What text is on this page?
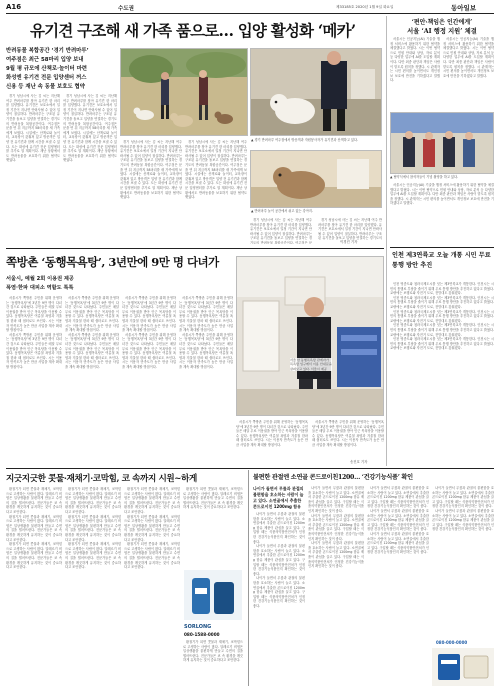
A16	수도권	제33185호 2020년 1월 9일 화요일	동아일보
유기견 구조해 새 가족 품으로… 입양 활성화 ‘메카’
반려동물 복합공간 ‘경기 반려마루’
여주점은 최근 58마리 입양 보내
9월 평 규모에 산책로·놀이터 마련
화성엔 유기견 전문 입양센터 꺼스
신용 등 재난 속 동물 보호도 협약
▲ 경기 반려마루 여주점에서 방문객과 자원봉사자가 유기견과 산책하고 있다.
▲ 반려마루 놀이 공간에서 쉬고 있는 강아지.

경기 성남시에 사는 김 씨는 지난해 여주 반려마루를 찾아 유기견 한 마리를 입양했다. 유기견은 보호소에서 일정 기간이 지나면 안락사될 수 있어 입양이 절실하다. 반려마루는 구조된 유기견을 돌보고 입양을 연결하는 경기도의 반려동물 복합공간이다. 여주점은 문을 연 뒤 지금까지 58마리를 새 가족에게 보냈다. 시설에는 산책로와 놀이터, 교육장이 갖춰져 있고 방문객은 입양 전 유기견과 함께 시간을 보낼 수 있다. 도는 화성에 유기견 전문 입양센터를 추가로 열 계획이다. 재난 상황에서도 반려동물을 보호하기 위한 협약도 맺었다.

경기 성남시에 사는 김 씨는 지난해 여주 반려마루를 찾아 유기견 한 마리를 입양했다. 유기견은 보호소에서 일정 기간이 지나면 안락사될 수 있어 입양이 절실하다. 반려마루는 구조된 유기견을 돌보고 입양을 연결하는 경기도의 반려동물 복합공간이다. 여주점은 문을 연 뒤 지금까지 58마리를 새 가족에게 보냈다. 시설에는 산책로와 놀이터, 교육장이 갖춰져 있고 방문객은 입양 전 유기견과 함께 시간을 보낼 수 있다. 도는 화성에 유기견 전문 입양센터를 추가로 열 계획이다. 재난 상황에서도 반려동물을 보호하기 위한 협약도 맺었다.

경기 성남시에 사는 김 씨는 지난해 여주 반려마루를 찾아 유기견 한 마리를 입양했다. 유기견은 보호소에서 일정 기간이 지나면 안락사될 수 있어 입양이 절실하다. 반려마루는 구조된 유기견을 돌보고 입양을 연결하는 경기도의 반려동물 복합공간이다. 여주점은 문을 연 뒤 지금까지 58마리를 새 가족에게 보냈다. 시설에는 산책로와 놀이터, 교육장이 갖춰져 있고 방문객은 입양 전 유기견과 함께 시간을 보낼 수 있다. 도는 화성에 유기견 전문 입양센터를 추가로 열 계획이다. 재난 상황에서도 반려동물을 보호하기 위한 협약도 맺었다.

경기 성남시에 사는 김 씨는 지난해 여주 반려마루를 찾아 유기견 한 마리를 입양했다. 유기견은 보호소에서 일정 기간이 지나면 안락사될 수 있어 입양이 절실하다. 반려마루는 구조된 유기견을 돌보고 입양을 연결하는 경기도의 반려동물 복합공간이다. 여주점은 문을 연 뒤 지금까지 58마리를 새 가족에게 보냈다. 시설에는 산책로와 놀이터, 교육장이 갖춰져 있고 방문객은 입양 전 유기견과 함께 시간을 보낼 수 있다. 도는 화성에 유기견 전문 입양센터를 추가로 열 계획이다. 재난 상황에서도 반려동물을 보호하기 위한 협약도 맺었다.

경기 성남시에 사는 김 씨는 지난해 여주 반려마루를 찾아 유기견 한 마리를 입양했다. 유기견은 보호소에서 일정 기간이 지나면 안락사될 수 있어 입양이 절실하다. 반려마루는 구조된 유기견을 돌보고 입양을 연결하는 경기도의 반려동물 복합공간이다. 여주점은 문

경기 성남시에 사는 김 씨는 지난해 여주 반려마루를 찾아 유기견 한 마리를 입양했다. 유기견은 보호소에서 일정 기간이 지나면 안락사될 수 있어 입양이 절실하다. 반려마루는 구조된 유기견을 돌보고 입양을 연결하는 경기도의

이경진 기자
‘편안·책임은 인간에게’
서울 ‘AI 행정 지원’ 체결

서울시는 인공지능(AI) 기술을 행정 서비스에 활용하기 위한 협약을 체결했다고 밝혔다. 시는 이번 협약으로 민원 안내와 상담, 자료 분석 등 다양한 업무에 AI를 도입할 계획이다. 다만 최종 판단과 책임은 사람이 맡도록 원칙을 정했다. 시 관계자는 시민 편의를 높이면서도 개인정보 보호에 만전을 기하겠다고 말했다.

서울시는 인공지능(AI) 기술을 행정 서비스에 활용하기 위한 협약을 체결했다고 밝혔다. 시는 이번 협약으로 민원 안내와 상담, 자료 분석 등 다양한 업무에 AI를 도입할 계획이다. 다만 최종 판단과 책임은 사람이 맡도록 원칙을 정했다. 시 관계자는 시민 편의를 높이면서도 개인정보 보호에 만전을 기하겠다고 말했다.

▲ 협약식에서 참석자들이 기념 촬영을 하고 있다.

서울시는 인공지능(AI) 기술을 행정 서비스에 활용하기 위한 협약을 체결했다고 밝혔다. 시는 이번 협약으로 민원 안내와 상담, 자료 분석 등 다양한 업무에 AI를 도입할 계획이다. 다만 최종 판단과 책임은 사람이 맡도록 원칙을 정했다. 시 관계자는 시민 편의를 높이면서도 개인정보 보호에 만전을 기하겠다고 말했다.

인천 제3연륙교 오늘 개통 시민 무료 통행 방안 추진

인천 영종도와 청라국제도시를 잇는 제3연륙교가 개통한다. 인천시는 시민의 통행료 부담을 줄이기 위해 무료 통행 방안을 추진하고 있다고 밝혔다. 교량에는 보행로와 자전거 도로, 전망대도 갖춰졌다.

인천 영종도와 청라국제도시를 잇는 제3연륙교가 개통한다. 인천시는 시민의 통행료 부담을 줄이기 위해 무료 통행 방안을 추진하고 있다고 밝혔다. 교량에는 보행로와 자전거 도로, 전망대도 갖춰졌다.

인천 영종도와 청라국제도시를 잇는 제3연륙교가 개통한다. 인천시는 시민의 통행료 부담을 줄이기 위해 무료 통행 방안을 추진하고 있다고 밝혔다. 교량에는 보행로와 자전거 도로, 전망대도 갖춰졌다.

인천 영종도와 청라국제도시를 잇는 제3연륙교가 개통한다. 인천시는 시민의 통행료 부담을 줄이기 위해 무료 통행 방안을 추진하고 있다고 밝혔다. 교량에는 보행로와 자전거 도로, 전망대도 갖춰졌다.

인천 영종도와 청라국제도시를 잇는 제3연륙교가 개통한다. 인천시는 시민의 통행료 부담을 줄이기 위해 무료 통행 방안을 추진하고 있다고 밝혔다. 교량에는 보행로와 자전거 도로, 전망대도 갖춰졌다.

쪽방촌 ‘동행목욕탕’, 3년만에 9만 명 다녀가
서울시, 예월 2회 이용권 제공
폭염·한파 대피소 역할도 톡톡

서울시가 쪽방촌 주민을 위해 운영하는 ‘동행목욕탕’에 3년간 9만 명이 다녀간 것으로 나타났다. 주민들은 매달 무료 이용권을 받아 인근 목욕탕을 이용할 수 있다. 동행목욕탕은 여름철 폭염과 겨울철 한파 때 쉼터로도 쓰인다. 시는 이용자 만족도가 높은 만큼 사업을 계속 확대할 방침이다.

서울시가 쪽방촌 주민을 위해 운영하는 ‘동행목욕탕’에 3년간 9만 명이 다녀간 것으로 나타났다. 주민들은 매달 무료 이용권을 받아 인근 목욕탕을 이용할 수 있다. 동행목욕탕은 여름철 폭염과 겨울철 한파 때 쉼터로도 쓰인다. 시는 이용자 만족도가 높은 만큼 사업을 계속 확대할 방침이다.

서울시가 쪽방촌 주민을 위해 운영하는 ‘동행목욕탕’에 3년간 9만 명이 다녀간 것으로 나타났다. 주민들은 매달 무료 이용권을 받아 인근 목욕탕을 이용할 수 있다. 동행목욕탕은 여름철 폭염과 겨울철 한파 때 쉼터로도 쓰인다. 시는 이용자 만족도가 높은 만큼 사업을 계속 확대할 방침이다.

서울시가 쪽방촌 주민을 위해 운영하는 ‘동행목욕탕’에 3년간 9만 명이 다녀간 것으로 나타났다. 주민들은 매달 무료 이용권을 받아 인근 목욕탕을 이용할 수 있다. 동행목욕탕은 여름철 폭염과 겨울철 한파 때 쉼터로도 쓰인다. 시는 이용자 만족도가 높은 만큼 사업을 계속 확대할 방침이다.

서울시가 쪽방촌 주민을 위해 운영하는 ‘동행목욕탕’에 3년간 9만 명이 다녀간 것으로 나타났다. 주민들은 매달 무료 이용권을 받아 인근 목욕탕을 이용할 수 있다. 동행목욕탕은 여름철 폭염과 겨울철 한파 때 쉼터로도 쓰인다. 시는 이용자 만족도가 높은 만큼 사업을 계속 확대할 방침이다.

서울시가 쪽방촌 주민을 위해 운영하는 ‘동행목욕탕’에 3년간 9만 명이 다녀간 것으로 나타났다. 주민들은 매달 무료 이용권을 받아 인근 목욕탕을 이용할 수 있다. 동행목욕탕은 여름철 폭염과 겨울철 한파 때 쉼터로도 쓰인다. 시는 이용자 만족도가 높은 만큼 사업을 계속 확대할 방침이다.

서울시가 쪽방촌 주민을 위해 운영하는 ‘동행목욕탕’에 3년간 9만 명이 다녀간 것으로 나타났다. 주민들은 매달 무료 이용권을 받아 인근 목욕탕을 이용할 수 있다. 동행목욕탕은 여름철 폭염과 겨울철 한파 때 쉼터로도 쓰인다. 시는 이용자 만족도가 높은 만큼 사업을 계속 확대할 방침이다.

서울시가 쪽방촌 주민을 위해 운영하는 ‘동행목욕탕’에 3년간 9만 명이 다녀간 것으로 나타났다. 주민들은 매달 무료 이용권을 받아 인근 목욕탕을 이용할 수 있다. 동행목욕탕은 여름철 폭염과 겨울철 한파 때 쉼터로도 쓰인다. 시는 이용자 만족도가 높은 만큼 사업을 계속 확대할 방침이다.

서울 한 동행목욕탕 관계자가 목욕탕 입구에서 이용 안내문을 살펴보고 있다. 서울시 제공

서울시가 쪽방촌 주민을 위해 운영하는 ‘동행목욕탕’에 3년간 9만 명이 다녀간 것으로 나타났다. 주민들은 매달 무료 이용권을 받아 인근 목욕탕을 이용할 수 있다. 동행목욕탕은 여름철 폭염과 겨울철 한파 때 쉼터로도 쓰인다. 시는 이용자 만족도가 높은 만큼 사업을 계속 확대할 방침이다.

서울시가 쪽방촌 주민을 위해 운영하는 ‘동행목욕탕’에 3년간 9만 명이 다녀간 것으로 나타났다. 주민들은 매달 무료 이용권을 받아 인근 목욕탕을 이용할 수 있다. 동행목욕탕은 여름철 폭염과 겨울철 한파 때 쉼터로도 쓰인다. 시는 이용자 만족도가 높은 만큼 사업을 계속 확대할 방침이다.

송진호 기자
지긋지긋한 콧물·재채기·코막힘, 코 속까지 시원~하게

환절기가 되면 콧물과 재채기, 코막힘으로 고생하는 사람이 많다. 알레르기 비염은 일상생활을 불편하게 만들고 수면의 질을 떨어뜨린다. 전문가들은 코 속 환경을 깨끗하게 유지하는 것이 중요하다고 조언한다.

환절기가 되면 콧물과 재채기, 코막힘으로 고생하는 사람이 많다. 알레르기 비염은 일상생활을 불편하게 만들고 수면의 질을 떨어뜨린다. 전문가들은 코 속 환경을 깨끗하게 유지하는 것이 중요하다고 조언한다.

환절기가 되면 콧물과 재채기, 코막힘으로 고생하는 사람이 많다. 알레르기 비염은 일상생활을 불편하게 만들고 수면의 질을 떨어뜨린다. 전문가들은 코 속 환경을 깨끗하게 유지하는 것이 중요하다고 조언한다.

환절기가 되면 콧물과 재채기, 코막힘으로 고생하는 사람이 많다. 알레르기 비염은 일상생활을 불편하게 만들고 수면의 질을 떨어뜨린다. 전문가들은 코 속 환경을 깨끗하게 유지하는 것이 중요하다고 조언한다.

환절기가 되면 콧물과 재채기, 코막힘으로 고생하는 사람이 많다. 알레르기 비염은 일상생활을 불편하게 만들고 수면의 질을 떨어뜨린다. 전문가들은 코 속 환경을 깨끗하게 유지하는 것이 중요하다고 조언한다.

환절기가 되면 콧물과 재채기, 코막힘으로 고생하는 사람이 많다. 알레르기 비염은 일상생활을 불편하게 만들고 수면의 질을 떨어뜨린다. 전문가들은 코 속 환경을 깨끗하게 유지하는 것이 중요하다고 조언한다.

환절기가 되면 콧물과 재채기, 코막힘으로 고생하는 사람이 많다. 알레르기 비염은 일상생활을 불편하게 만들고 수면의 질을 떨어뜨린다. 전문가들은 코 속 환경을 깨끗하게 유지하는 것이 중요하다고 조언한다.

환절기가 되면 콧물과 재채기, 코막힘으로 고생하는 사람이 많다. 알레르기 비염은 일상생활을 불편하게 만들고 수면의 질을 떨어뜨린다. 전문가들은 코 속 환경을 깨끗하게 유지하는 것이 중요하다고 조언한다.

환절기가 되면 콧물과 재채기, 코막힘으로 고생하는 사람이 많다. 알레르기 비염은 일상생활을 불편하게 만들고 수면의 질을 떨어뜨린다. 전문가들은 코 속 환경을 깨끗하게 유지하는 것이 중요하다고 조언한다.

환절기가 되면 콧물과 재채기, 코막힘으로 고생하는 사람이 많다. 알레르기 비염은 일상생활을 불편하게 만들고 수면의 질을 떨어뜨린다. 전문가들은 코 속 환경을 깨끗하게 유지하는 것이 중요하다고 조언한다.

SORLONG
080-1588-0000

환절기가 되면 콧물과 재채기, 코막힘으로 고생하는 사람이 많다. 알레르기 비염은 일상생활을 불편하게 만들고 수면의 질을 떨어뜨린다. 전문가들은 코 속 환경을 깨끗하게 유지하는 것이 중요하다고 조언한다.

불편한 관절엔 소연골 콘드로이친1200… ‘건강기능식품’ 확인
나이가 들면서 무릎과 관절의 불편함을 호소하는 사람이 늘고 있다. 소연골에서 추출한 콘드로이친 1200mg 함유

나이가 들면서 무릎과 관절의 불편함을 호소하는 사람이 늘고 있다. 소연골에서 추출한 콘드로이친 1200mg 함유 제품이 관심을 끌고 있다. 구입할 때는 식품의약품안전처가 인정한 건강기능식품인지 확인하는 것이 좋다.

나이가 들면서 무릎과 관절의 불편함을 호소하는 사람이 늘고 있다. 소연골에서 추출한 콘드로이친 1200mg 함유 제품이 관심을 끌고 있다. 구입할 때는 식품의약품안전처가 인정한 건강기능식품인지 확인하는 것이 좋다.

나이가 들면서 무릎과 관절의 불편함을 호소하는 사람이 늘고 있다. 소연골에서 추출한 콘드로이친 1200mg 함유 제품이 관심을 끌고 있다. 구입할 때는 식품의약품안전처가 인정한 건강기능식품인지 확인하는 것이 좋다.

나이가 들면서 무릎과 관절의 불편함을 호소하는 사람이 늘고 있다. 소연골에서 추출한 콘드로이친 1200mg 함유 제품이 관심을 끌고 있다. 구입할 때는 식품의약품안전처가 인정한 건강기능식품인지 확인하는 것이 좋다.

나이가 들면서 무릎과 관절의 불편함을 호소하는 사람이 늘고 있다. 소연골에서 추출한 콘드로이친 1200mg 함유 제품이 관심을 끌고 있다. 구입할 때는 식품의약품안전처가 인정한 건강기능식품인지 확인하는 것이 좋다.

나이가 들면서 무릎과 관절의 불편함을 호소하는 사람이 늘고 있다. 소연골에서 추출한 콘드로이친 1200mg 함유 제품이 관심을 끌고 있다. 구입할 때는 식품의약품안전처가 인정한 건강기능식품인지 확인하는 것이 좋다.

나이가 들면서 무릎과 관절의 불편함을 호소하는 사람이 늘고 있다. 소연골에서 추출한 콘드로이친 1200mg 함유 제품이 관심을 끌고 있다. 구입할 때는 식품의약품안전처가 인정한 건강기능식품인지 확인하는 것이 좋다.

나이가 들면서 무릎과 관절의 불편함을 호소하는 사람이 늘고 있다. 소연골에서 추출한 콘드로이친 1200mg 함유 제품이 관심을 끌고 있다. 구입할 때는 식품의약품안전처가 인정한 건강기능식품인지 확인하는 것이 좋다.

나이가 들면서 무릎과 관절의 불편함을 호소하는 사람이 늘고 있다. 소연골에서 추출한 콘드로이친 1200mg 함유 제품이 관심을 끌고 있다. 구입할 때는 식품의약품안전처가 인정한 건강기능식품인지 확인하는 것이 좋다.

나이가 들면서 무릎과 관절의 불편함을 호소하는 사람이 늘고 있다. 소연골에서 추출한 콘드로이친 1200mg 함유 제품이 관심을 끌고 있다. 구입할 때는 식품의약품안전처가 인정한 건강기능식품인지 확인하는 것이 좋다.

나이가 들면서 무릎과 관절의 불편함을 호소하는 사람이 늘고 있다. 소연골에서 추출한 콘드로이친 1200mg 함유 제품이 관심을 끌고 있다. 구입할 때는 식품의약품안전처가 인정한 건강기능식품인지 확인하는 것이 좋다.

080-000-0000
